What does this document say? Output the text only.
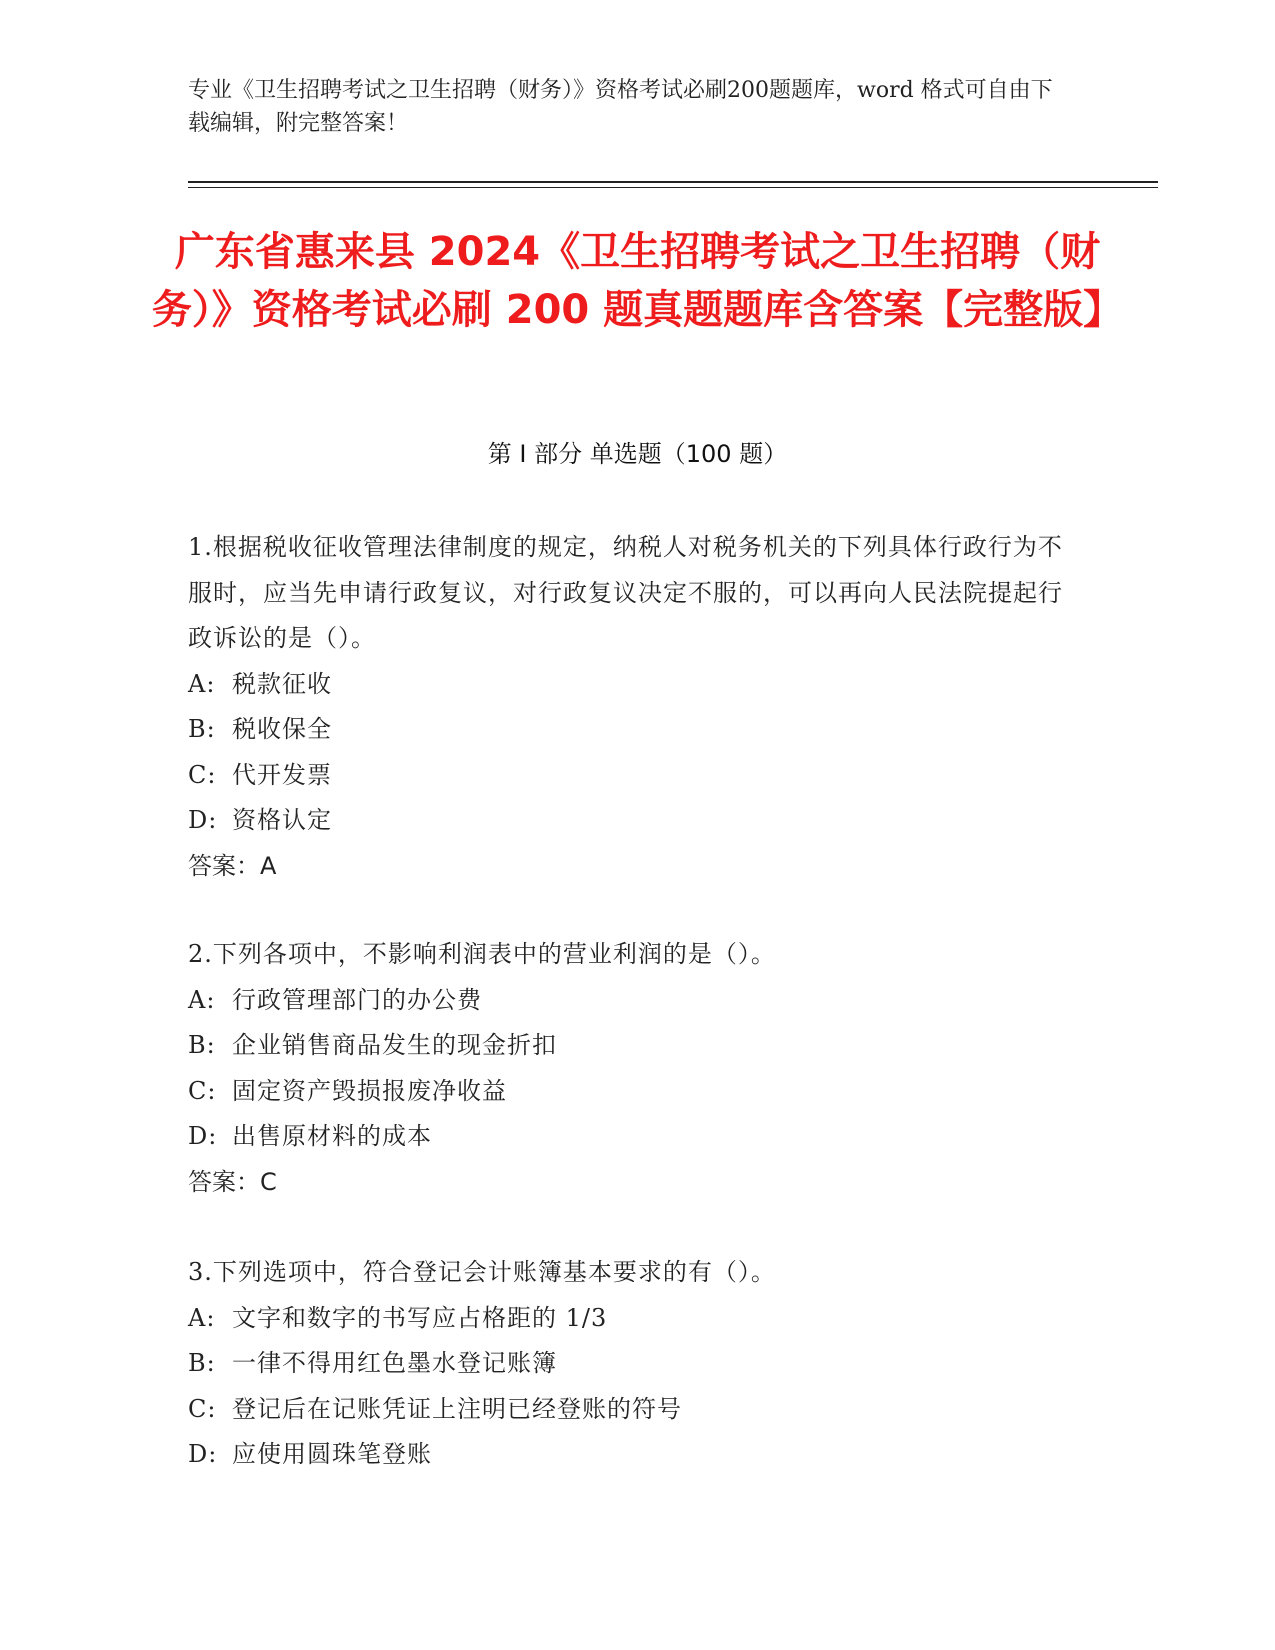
专业《卫生招聘考试之卫生招聘（财务）》资格考试必刷200题题库，word 格式可自由下载编辑，附完整答案！
广东省惠来县 2024《卫生招聘考试之卫生招聘（财务）》资格考试必刷 200 题真题题库含答案【完整版】
第 I 部分 单选题（100 题）
1.根据税收征收管理法律制度的规定，纳税人对税务机关的下列具体行政行为不服时，应当先申请行政复议，对行政复议决定不服的，可以再向人民法院提起行政诉讼的是（）。
A: 税款征收
B: 税收保全
C: 代开发票
D: 资格认定
答案：A
2.下列各项中，不影响利润表中的营业利润的是（）。
A: 行政管理部门的办公费
B: 企业销售商品发生的现金折扣
C: 固定资产毁损报废净收益
D: 出售原材料的成本
答案：C
3.下列选项中，符合登记会计账簿基本要求的有（）。
A: 文字和数字的书写应占格距的 1/3
B: 一律不得用红色墨水登记账簿
C: 登记后在记账凭证上注明已经登账的符号
D: 应使用圆珠笔登账
